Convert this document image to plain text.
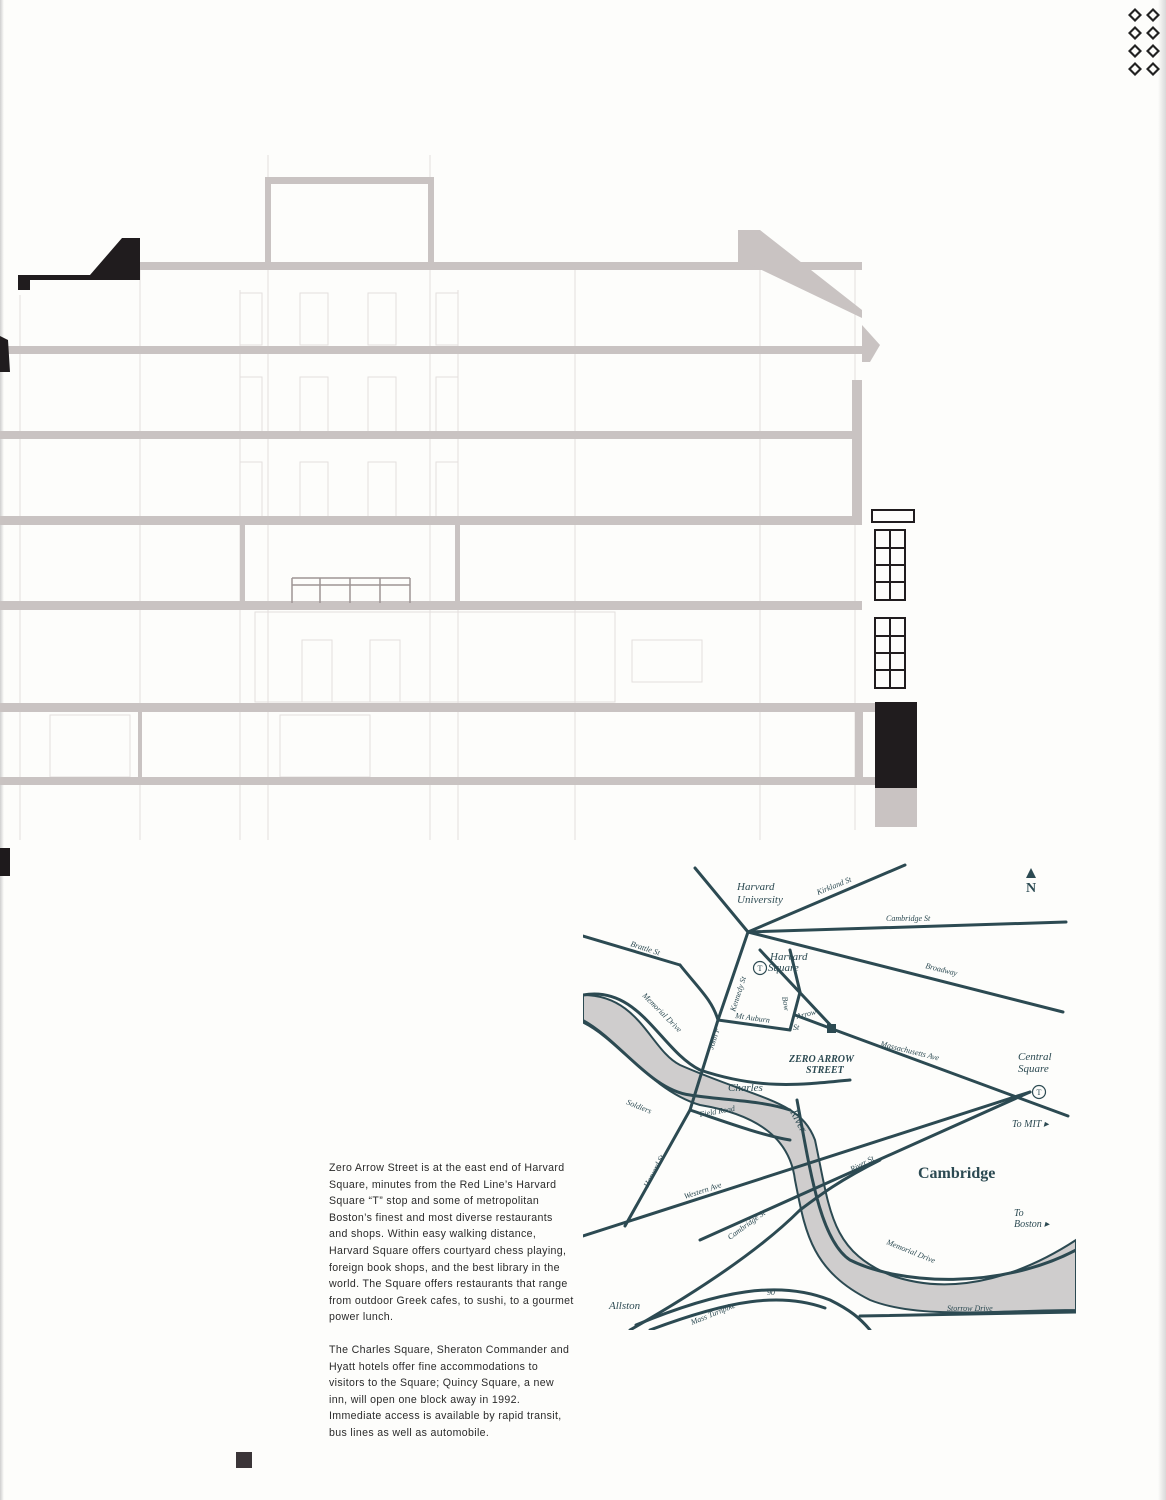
T
T
N
Harvard
University
Harvard
Square
Central
Square
ZERO ARROW
STREET
Charles
River
Cambridge
Allston
To MIT ▸
To
Boston ▸
Kirkland St
Cambridge St
Brattle St
Kennedy St
John F
Broadway
Bow
Arrow
Mt Auburn
St
Massachusetts Ave
Memorial Drive
Soldiers	Field Road
Harvard St
Western Ave
River St
Cambridge St
Memorial Drive
Mass Turnpike
90
Storrow Drive

Zero Arrow Street is at the east end of Harvard Square, minutes from the Red Line’s Harvard Square “T” stop and some of metropolitan Boston’s finest and most diverse restaurants and shops. Within easy walking distance, Harvard Square offers courtyard chess playing, foreign book shops, and the best library in the world. The Square offers restaurants that range from outdoor Greek cafes, to sushi, to a gourmet power lunch.

The Charles Square, Sheraton Commander and Hyatt hotels offer fine accommodations to visitors to the Square; Quincy Square, a new inn, will open one block away in 1992. Immediate access is available by rapid transit, bus lines as well as automobile.
